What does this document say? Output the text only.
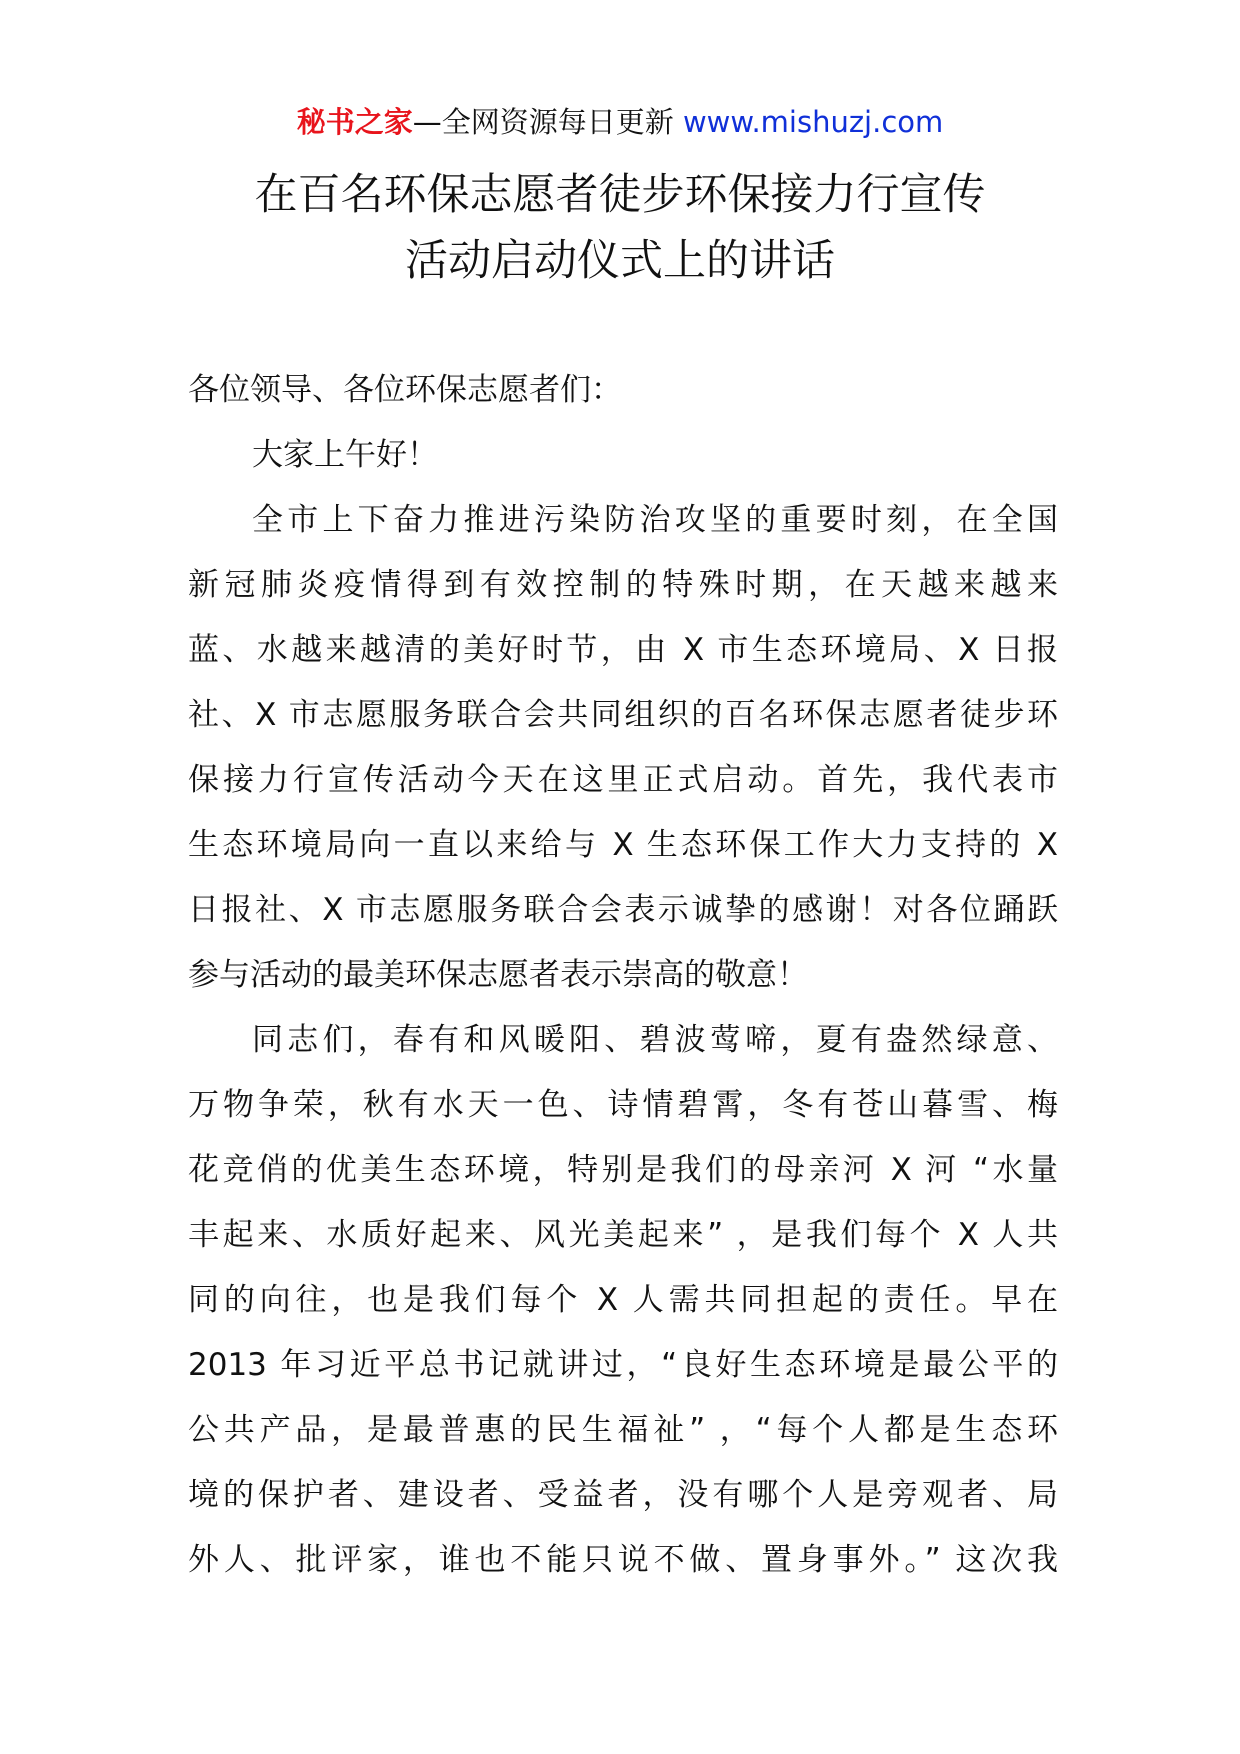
秘书之家—全网资源每日更新 www.mishuzj.com
在百名环保志愿者徒步环保接力行宣传
活动启动仪式上的讲话
各位领导、各位环保志愿者们：
大家上午好！
全市上下奋力推进污染防治攻坚的重要时刻，在全国
新冠肺炎疫情得到有效控制的特殊时期，在天越来越来
蓝、水越来越清的美好时节，由 X 市生态环境局、X 日报
社、X 市志愿服务联合会共同组织的百名环保志愿者徒步环
保接力行宣传活动今天在这里正式启动。首先，我代表市
生态环境局向一直以来给与 X 生态环保工作大力支持的 X
日报社、X 市志愿服务联合会表示诚挚的感谢！对各位踊跃
参与活动的最美环保志愿者表示崇高的敬意！
同志们，春有和风暖阳、碧波莺啼，夏有盎然绿意、
万物争荣，秋有水天一色、诗情碧霄，冬有苍山暮雪、梅
花竞俏的优美生态环境，特别是我们的母亲河 X 河 “水量
丰起来、水质好起来、风光美起来” ，是我们每个 X 人共
同的向往，也是我们每个 X 人需共同担起的责任。早在
2013 年习近平总书记就讲过，“良好生态环境是最公平的
公共产品，是最普惠的民生福祉” ，“每个人都是生态环
境的保护者、建设者、受益者，没有哪个人是旁观者、局
外人、批评家，谁也不能只说不做、置身事外。” 这次我
